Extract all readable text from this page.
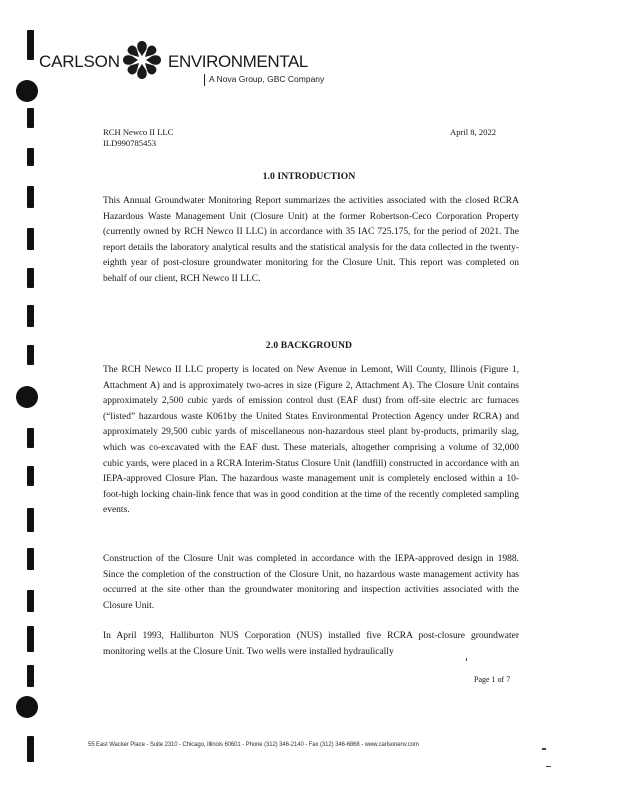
CARLSON	ENVIRONMENTAL
A Nova Group, GBC Company
RCH Newco II LLC
ILD990785453
April 8, 2022
1.0 INTRODUCTION
This Annual Groundwater Monitoring Report summarizes the activities associated with the closed RCRA Hazardous Waste Management Unit (Closure Unit) at the former Robertson-Ceco Corporation Property (currently owned by RCH Newco II LLC) in accordance with 35 IAC 725.175, for the period of 2021. The report details the laboratory analytical results and the statistical analysis for the data collected in the twenty-eighth year of post-closure groundwater monitoring for the Closure Unit. This report was completed on behalf of our client, RCH Newco II LLC.
2.0 BACKGROUND
The RCH Newco II LLC property is located on New Avenue in Lemont, Will County, Illinois (Figure 1, Attachment A) and is approximately two-acres in size (Figure 2, Attachment A). The Closure Unit contains approximately 2,500 cubic yards of emission control dust (EAF dust) from off-site electric arc furnaces (“listed” hazardous waste K061by the United States Environmental Protection Agency under RCRA) and approximately 29,500 cubic yards of miscellaneous non-hazardous steel plant by-products, primarily slag, which was co-excavated with the EAF dust. These materials, altogether comprising a volume of 32,000 cubic yards, were placed in a RCRA Interim-Status Closure Unit (landfill) constructed in accordance with an IEPA-approved Closure Plan. The hazardous waste management unit is completely enclosed within a 10-foot-high locking chain-link fence that was in good condition at the time of the recently completed sampling events.
Construction of the Closure Unit was completed in accordance with the IEPA-approved design in 1988. Since the completion of the construction of the Closure Unit, no hazardous waste management activity has occurred at the site other than the groundwater monitoring and inspection activities associated with the Closure Unit.
In April 1993, Halliburton NUS Corporation (NUS) installed five RCRA post-closure groundwater monitoring wells at the Closure Unit. Two wells were installed hydraulically
Page 1 of 7
55 East Wacker Place - Suite 2310 - Chicago, Illinois 60601 - Phone (312) 346-2140 - Fax (312) 346-6868 - www.carlsonenv.com
